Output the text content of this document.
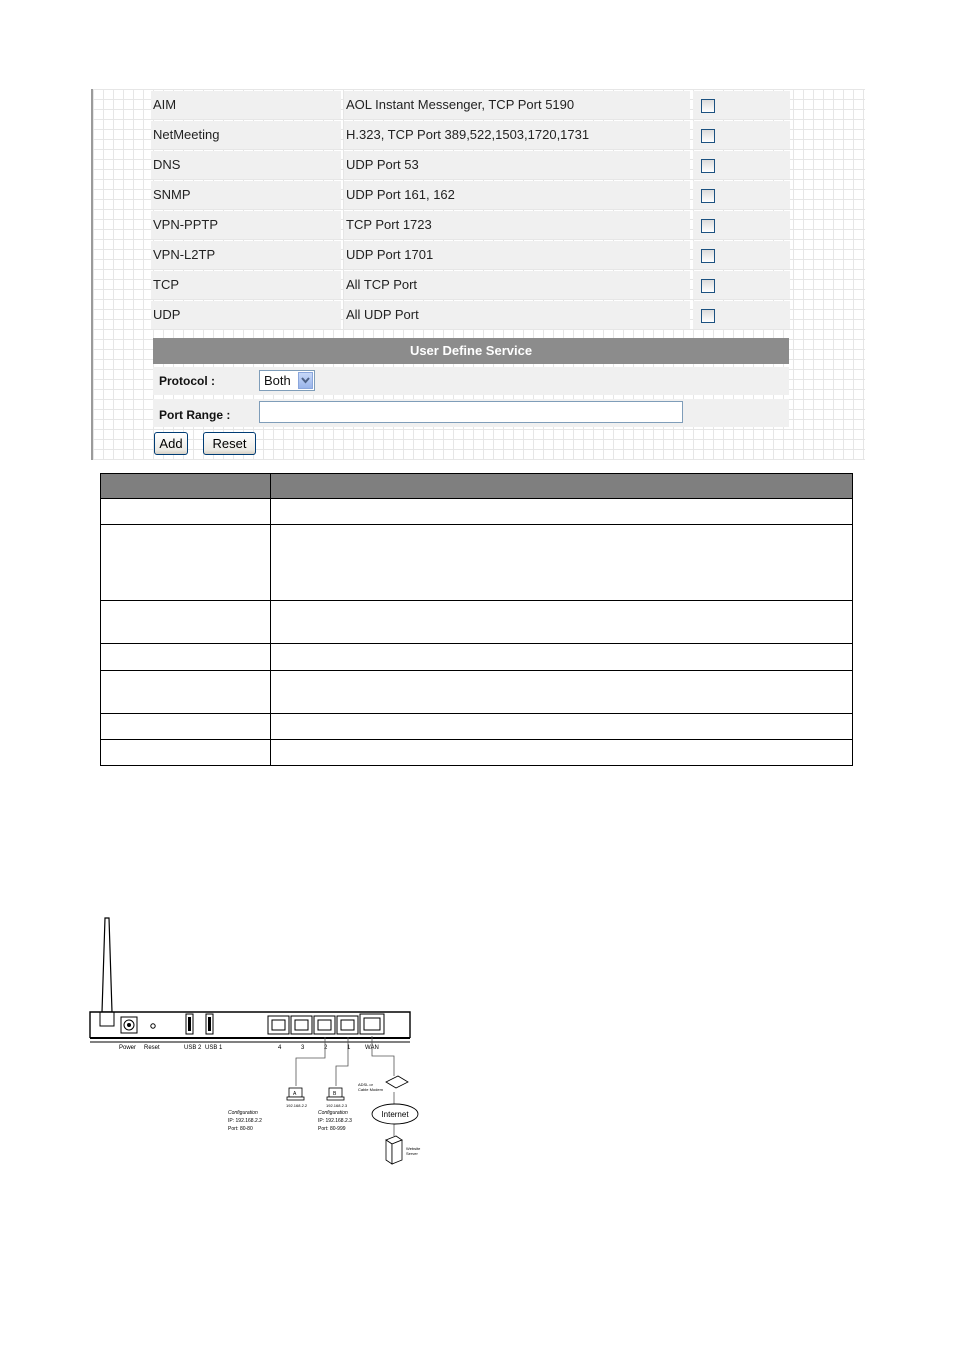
AIM	AOL Instant Messenger, TCP Port 5190
NetMeeting	H.323, TCP Port 389,522,1503,1720,1731
DNS	UDP Port 53
SNMP	UDP Port 161, 162
VPN-PPTP	TCP Port 1723
VPN-L2TP	UDP Port 1701
TCP	All TCP Port
UDP	All UDP Port
User Define Service
Protocol :	Both
Port Range :
Add	Reset

Power Reset	USB 2 USB 1	4	3	2	1 WAN
A
192.168.2.2
B
192.168.2.3
ADSL or
Cable Modem
Internet
Website
Server
Configuration
IP: 192.168.2.2
Port: 80-80
Configuration
IP: 192.168.2.3
Port: 80-999
